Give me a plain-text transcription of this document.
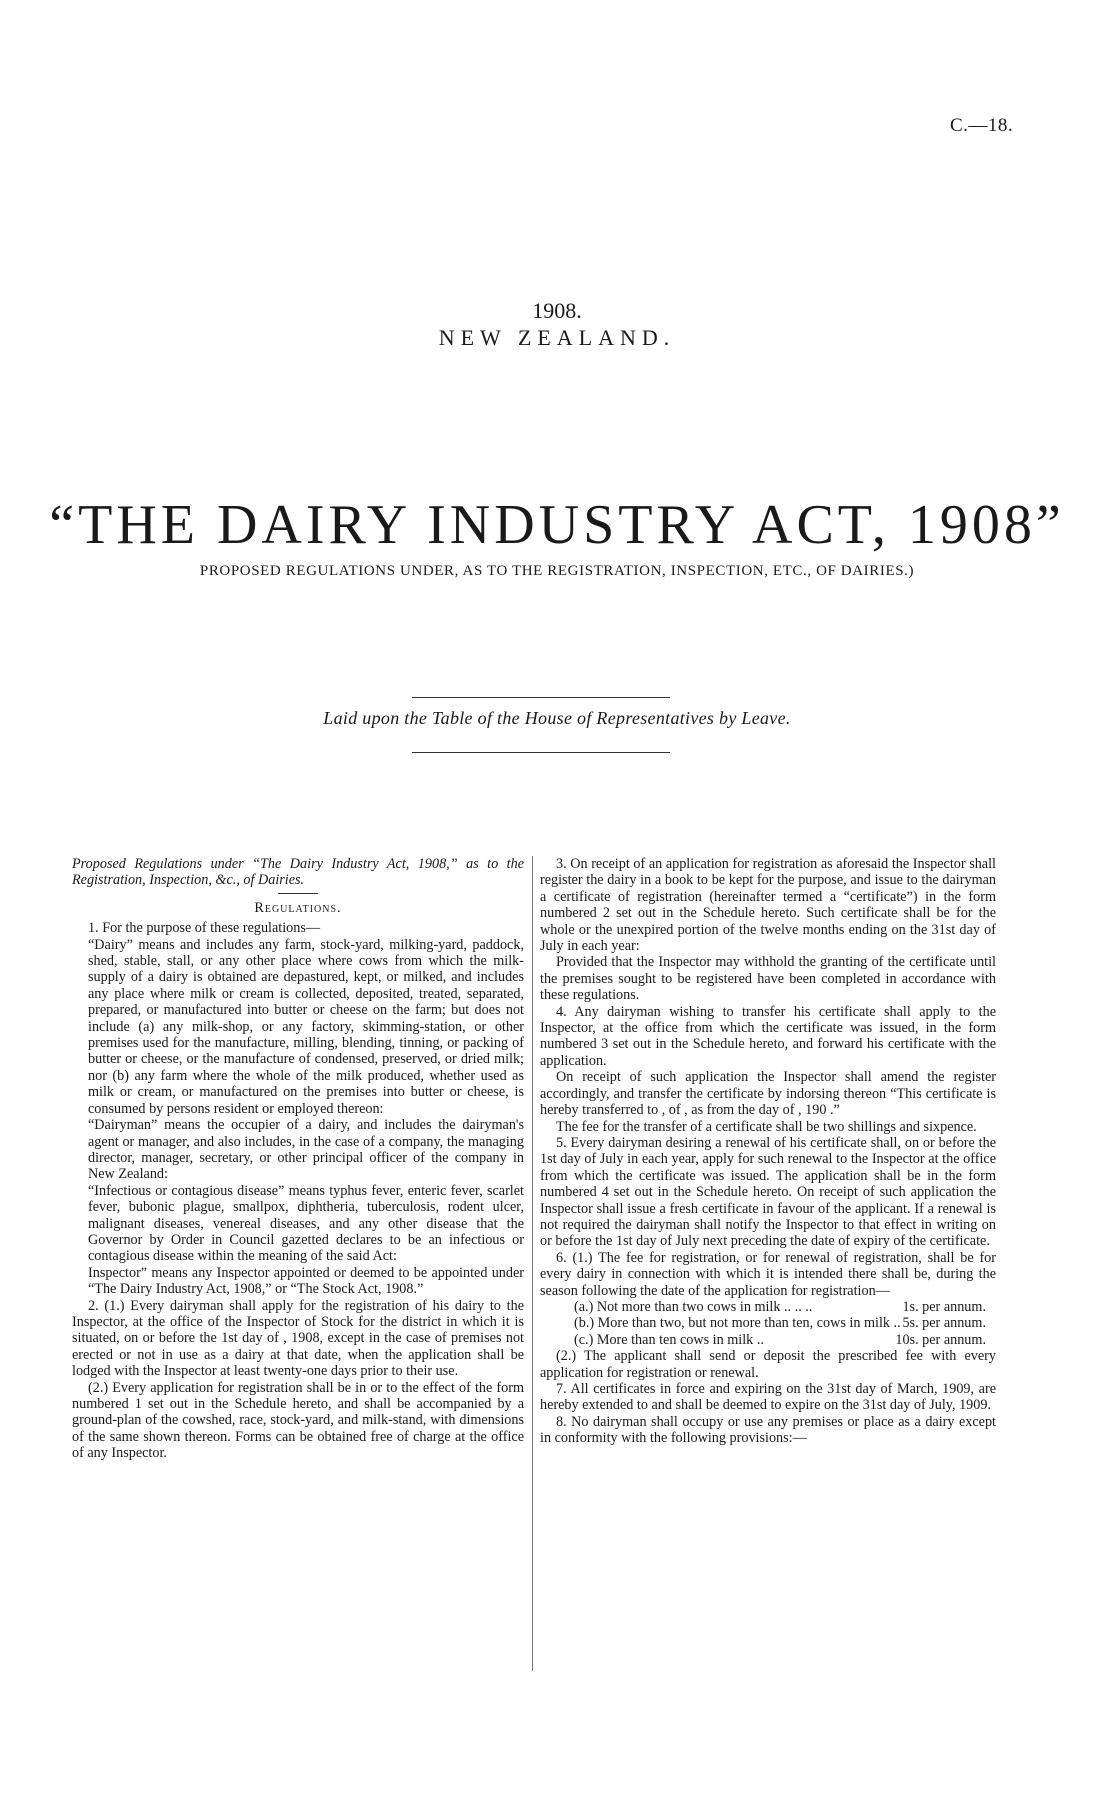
C.—18.
1908.
NEW ZEALAND.
“THE DAIRY INDUSTRY ACT, 1908”
PROPOSED REGULATIONS UNDER, AS TO THE REGISTRATION, INSPECTION, ETC., OF DAIRIES.)
Laid upon the Table of the House of Representatives by Leave.

Proposed Regulations under “The Dairy Industry Act, 1908,” as to the Registration, Inspection, &c., of Dairies.

Regulations.

1. For the purpose of these regulations—

“Dairy” means and includes any farm, stock-yard, milking-yard, paddock, shed, stable, stall, or any other place where cows from which the milk-supply of a dairy is obtained are depastured, kept, or milked, and includes any place where milk or cream is collected, deposited, treated, separated, prepared, or manufactured into butter or cheese on the farm; but does not include (a) any milk-shop, or any factory, skimming-station, or other premises used for the manufacture, milling, blending, tinning, or packing of butter or cheese, or the manufacture of condensed, preserved, or dried milk; nor (b) any farm where the whole of the milk produced, whether used as milk or cream, or manufactured on the premises into butter or cheese, is consumed by persons resident or employed thereon:

“Dairyman” means the occupier of a dairy, and includes the dairyman's agent or manager, and also includes, in the case of a company, the managing director, manager, secretary, or other principal officer of the company in New Zealand:

“Infectious or contagious disease” means typhus fever, enteric fever, scarlet fever, bubonic plague, smallpox, diphtheria, tuberculosis, rodent ulcer, malignant diseases, venereal diseases, and any other disease that the Governor by Order in Council gazetted declares to be an infectious or contagious disease within the meaning of the said Act:

Inspector” means any Inspector appointed or deemed to be appointed under “The Dairy Industry Act, 1908,” or “The Stock Act, 1908.”

2. (1.) Every dairyman shall apply for the registration of his dairy to the Inspector, at the office of the Inspector of Stock for the district in which it is situated, on or before the 1st day of , 1908, except in the case of premises not erected or not in use as a dairy at that date, when the application shall be lodged with the Inspector at least twenty-one days prior to their use.

(2.) Every application for registration shall be in or to the effect of the form numbered 1 set out in the Schedule hereto, and shall be accompanied by a ground-plan of the cowshed, race, stock-yard, and milk-stand, with dimensions of the same shown thereon. Forms can be obtained free of charge at the office of any Inspector.

3. On receipt of an application for registration as aforesaid the Inspector shall register the dairy in a book to be kept for the purpose, and issue to the dairyman a certificate of registration (hereinafter termed a “certificate”) in the form numbered 2 set out in the Schedule hereto. Such certificate shall be for the whole or the unexpired portion of the twelve months ending on the 31st day of July in each year:

Provided that the Inspector may withhold the granting of the certificate until the premises sought to be registered have been completed in accordance with these regulations.

4. Any dairyman wishing to transfer his certificate shall apply to the Inspector, at the office from which the certificate was issued, in the form numbered 3 set out in the Schedule hereto, and forward his certificate with the application.

On receipt of such application the Inspector shall amend the register accordingly, and transfer the certificate by indorsing thereon “This certificate is hereby transferred to , of , as from the day of , 190 .”

The fee for the transfer of a certificate shall be two shillings and sixpence.

5. Every dairyman desiring a renewal of his certificate shall, on or before the 1st day of July in each year, apply for such renewal to the Inspector at the office from which the certificate was issued. The application shall be in the form numbered 4 set out in the Schedule hereto. On receipt of such application the Inspector shall issue a fresh certificate in favour of the applicant. If a renewal is not required the dairyman shall notify the Inspector to that effect in writing on or before the 1st day of July next preceding the date of expiry of the certificate.

6. (1.) The fee for registration, or for renewal of registration, shall be for every dairy in connection with which it is intended there shall be, during the season following the date of the application for registration—

(a.) Not more than two cows in milk .. .. ..	1s. per annum.
(b.) More than two, but not more than ten, cows in milk .. 5s. per annum.
(c.) More than ten cows in milk ..	10s. per annum.

(2.) The applicant shall send or deposit the prescribed fee with every application for registration or renewal.

7. All certificates in force and expiring on the 31st day of March, 1909, are hereby extended to and shall be deemed to expire on the 31st day of July, 1909.

8. No dairyman shall occupy or use any premises or place as a dairy except in conformity with the following provisions:—
